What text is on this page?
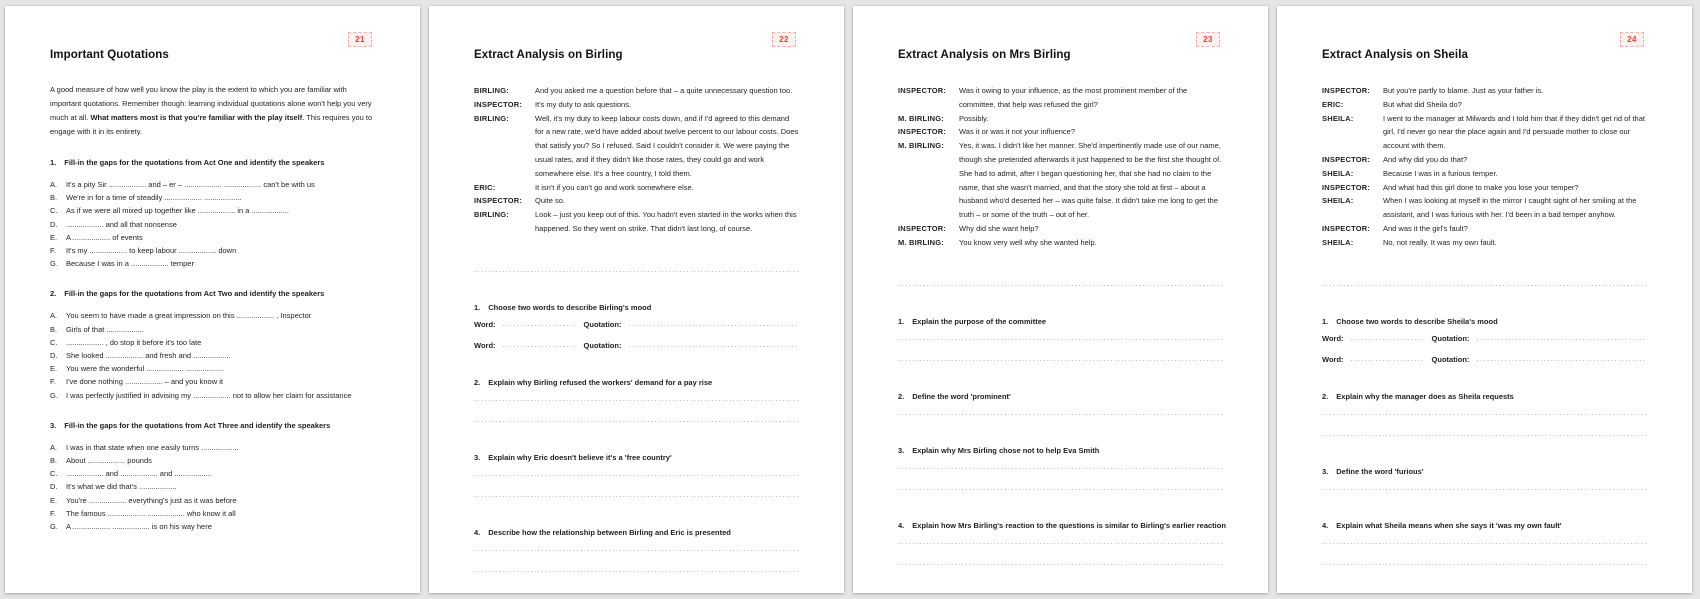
21
Important Quotations

A good measure of how well you know the play is the extent to which you are familiar with important quotations. Remember though: learning individual quotations alone won't help you very much at all. What matters most is that you're familiar with the play itself. This requires you to engage with it in its entirety.

1. Fill-in the gaps for the quotations from Act One and identify the speakers
A.	It's a pity Sir .................. and – er – .................. .................. can't be with us
B.	We're in for a time of steadily .................. ..................
C.	As if we were all mixed up together like .................. in a ..................
D.	.................. and all that nonsense
E.	A .................. of events
F.	It's my .................. to keep labour .................. down
G.	Because I was in a .................. temper
2. Fill-in the gaps for the quotations from Act Two and identify the speakers
A.	You seem to have made a great impression on this .................. , Inspector
B.	Girls of that ..................
C.	.................. , do stop it before it's too late
D.	She looked .................. and fresh and ..................
E.	You were the wonderful .................. ..................
F.	I've done nothing .................. – and you know it
G.	I was perfectly justified in advising my .................. not to allow her claim for assistance
3. Fill-in the gaps for the quotations from Act Three and identify the speakers
A.	I was in that state when one easily turns ..................
B.	About .................. pounds
C.	.................. and .................. and ..................
D.	It's what we did that's ..................
E.	You're .................. everything's just as it was before
F.	The famous .................. .................. who know it all
G.	A .................. .................. is on his way here
22
Extract Analysis on Birling
BIRLING:	And you asked me a question before that – a quite unnecessary question too.
INSPECTOR:	It's my duty to ask questions.
BIRLING:	Well, it's my duty to keep labour costs down, and if I'd agreed to this demand for a new rate, we'd have added about twelve percent to our labour costs. Does that satisfy you? So I refused. Said I couldn't consider it. We were paying the usual rates, and if they didn't like those rates, they could go and work somewhere else. It's a free country, I told them.
ERIC:	It isn't if you can't go and work somewhere else.
INSPECTOR:	Quite so.
BIRLING:	Look – just you keep out of this. You hadn't even started in the works when this happened. So they went on strike. That didn't last long, of course.
.....
1. Choose two words to describe Birling's mood
Word: .....	Quotation:
.....
Word: .....	Quotation:
.....
2. Explain why Birling refused the workers' demand for a pay rise
.....
.....
3. Explain why Eric doesn't believe it's a 'free country'
.....
.....
4. Describe how the relationship between Birling and Eric is presented
.....
.....
23
Extract Analysis on Mrs Birling
INSPECTOR:	Was it owing to your influence, as the most prominent member of the committee, that help was refused the girl?
M. BIRLING:	Possibly.
INSPECTOR:	Was it or was it not your influence?
M. BIRLING:	Yes, it was. I didn't like her manner. She'd impertinently made use of our name, though she pretended afterwards it just happened to be the first she thought of. She had to admit, after I began questioning her, that she had no claim to the name, that she wasn't married, and that the story she told at first – about a husband who'd deserted her – was quite false. It didn't take me long to get the truth – or some of the truth – out of her.
INSPECTOR:	Why did she want help?
M. BIRLING:	You know very well why she wanted help.
.....
1. Explain the purpose of the committee
.....
.....
2. Define the word 'prominent'
.....
3. Explain why Mrs Birling chose not to help Eva Smith
.....
.....
4. Explain how Mrs Birling's reaction to the questions is similar to Birling's earlier reaction
.....
.....
24
Extract Analysis on Sheila
INSPECTOR:	But you're partly to blame. Just as your father is.
ERIC:	But what did Sheila do?
SHEILA:	I went to the manager at Milwards and I told him that if they didn't get rid of that girl, I'd never go near the place again and I'd persuade mother to close our account with them.
INSPECTOR:	And why did you do that?
SHEILA:	Because I was in a furious temper.
INSPECTOR:	And what had this girl done to make you lose your temper?
SHEILA:	When I was looking at myself in the mirror I caught sight of her smiling at the assistant, and I was furious with her. I'd been in a bad temper anyhow.
INSPECTOR:	And was it the girl's fault?
SHEILA:	No, not really. It was my own fault.
.....
1. Choose two words to describe Sheila's mood
Word: .....	Quotation:
.....
Word: .....	Quotation:
.....
2. Explain why the manager does as Sheila requests
.....
.....
3. Define the word 'furious'
.....
4. Explain what Sheila means when she says it 'was my own fault'
.....
.....
